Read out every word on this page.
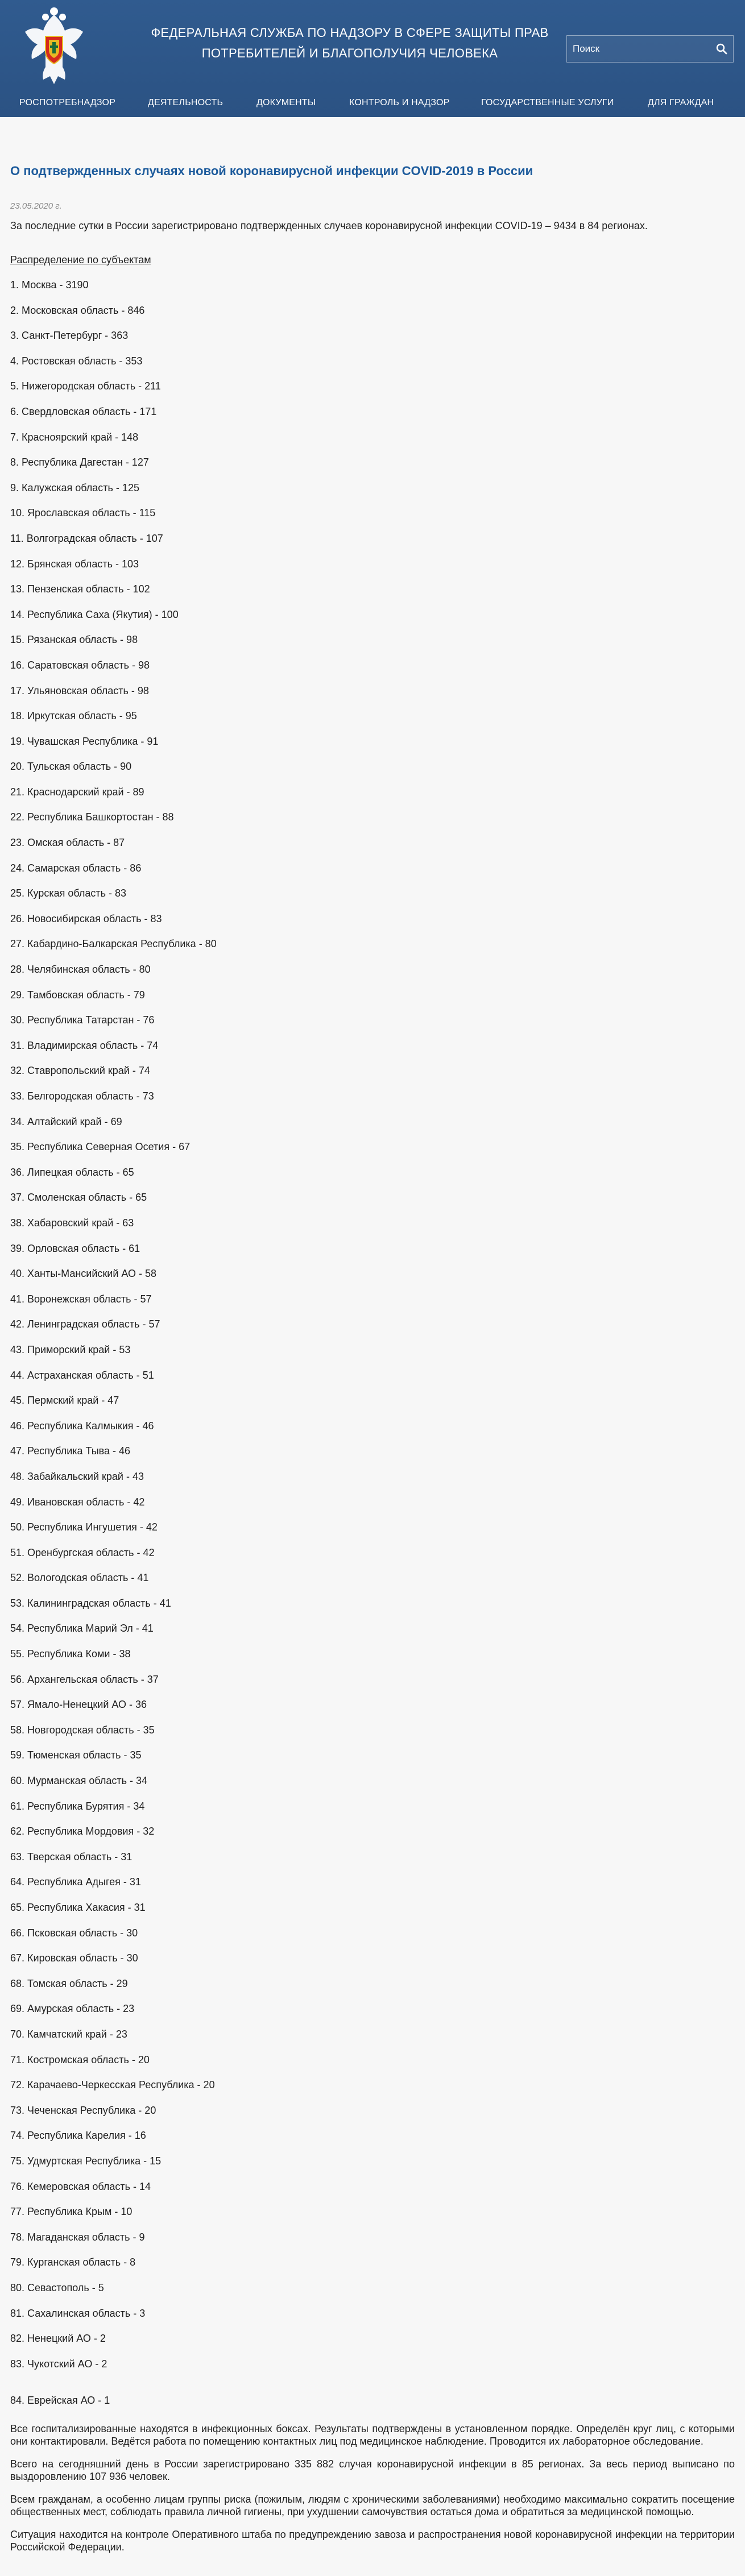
ФЕДЕРАЛЬНАЯ СЛУЖБА ПО НАДЗОРУ В СФЕРЕ ЗАЩИТЫ ПРАВ
ПОТРЕБИТЕЛЕЙ И БЛАГОПОЛУЧИЯ ЧЕЛОВЕКА
Поиск
РОСПОТРЕБНАДЗОР	ДЕЯТЕЛЬНОСТЬ	ДОКУМЕНТЫ	КОНТРОЛЬ И НАДЗОР	ГОСУДАРСТВЕННЫЕ УСЛУГИ	ДЛЯ ГРАЖДАН
О подтвержденных случаях новой коронавирусной инфекции COVID-2019 в России
23.05.2020 г.
За последние сутки в России зарегистрировано подтвержденных случаев коронавирусной инфекции COVID-19 – 9434 в 84 регионах.
Распределение по субъектам
1. Москва - 3190
2. Московская область - 846
3. Санкт-Петербург - 363
4. Ростовская область - 353
5. Нижегородская область - 211
6. Свердловская область - 171
7. Красноярский край - 148
8. Республика Дагестан - 127
9. Калужская область - 125
10. Ярославская область - 115
11. Волгоградская область - 107
12. Брянская область - 103
13. Пензенская область - 102
14. Республика Саха (Якутия) - 100
15. Рязанская область - 98
16. Саратовская область - 98
17. Ульяновская область - 98
18. Иркутская область - 95
19. Чувашская Республика - 91
20. Тульская область - 90
21. Краснодарский край - 89
22. Республика Башкортостан - 88
23. Омская область - 87
24. Самарская область - 86
25. Курская область - 83
26. Новосибирская область - 83
27. Кабардино-Балкарская Республика - 80
28. Челябинская область - 80
29. Тамбовская область - 79
30. Республика Татарстан - 76
31. Владимирская область - 74
32. Ставропольский край - 74
33. Белгородская область - 73
34. Алтайский край - 69
35. Республика Северная Осетия - 67
36. Липецкая область - 65
37. Смоленская область - 65
38. Хабаровский край - 63
39. Орловская область - 61
40. Ханты-Мансийский АО - 58
41. Воронежская область - 57
42. Ленинградская область - 57
43. Приморский край - 53
44. Астраханская область - 51
45. Пермский край - 47
46. Республика Калмыкия - 46
47. Республика Тыва - 46
48. Забайкальский край - 43
49. Ивановская область - 42
50. Республика Ингушетия - 42
51. Оренбургская область - 42
52. Вологодская область - 41
53. Калининградская область - 41
54. Республика Марий Эл - 41
55. Республика Коми - 38
56. Архангельская область - 37
57. Ямало-Ненецкий АО - 36
58. Новгородская область - 35
59. Тюменская область - 35
60. Мурманская область - 34
61. Республика Бурятия - 34
62. Республика Мордовия - 32
63. Тверская область - 31
64. Республика Адыгея - 31
65. Республика Хакасия - 31
66. Псковская область - 30
67. Кировская область - 30
68. Томская область - 29
69. Амурская область - 23
70. Камчатский край - 23
71. Костромская область - 20
72. Карачаево-Черкесская Республика - 20
73. Чеченская Республика - 20
74. Республика Карелия - 16
75. Удмуртская Республика - 15
76. Кемеровская область - 14
77. Республика Крым - 10
78. Магаданская область - 9
79. Курганская область - 8
80. Севастополь - 5
81. Сахалинская область - 3
82. Ненецкий АО - 2
83. Чукотский АО - 2
84. Еврейская АО - 1

Все госпитализированные находятся в инфекционных боксах. Результаты подтверждены в установленном порядке. Определён круг лиц, с которыми они контактировали. Ведётся работа по помещению контактных лиц под медицинское наблюдение. Проводится их лабораторное обследование.

Всего на сегодняшний день в России зарегистрировано 335 882 случая коронавирусной инфекции в 85 регионах. За весь период выписано по выздоровлению 107 936 человек.

Всем гражданам, а особенно лицам группы риска (пожилым, людям с хроническими заболеваниями) необходимо максимально сократить посещение общественных мест, соблюдать правила личной гигиены, при ухудшении самочувствия остаться дома и обратиться за медицинской помощью.

Ситуация находится на контроле Оперативного штаба по предупреждению завоза и распространения новой коронавирусной инфекции на территории Российской Федерации.
